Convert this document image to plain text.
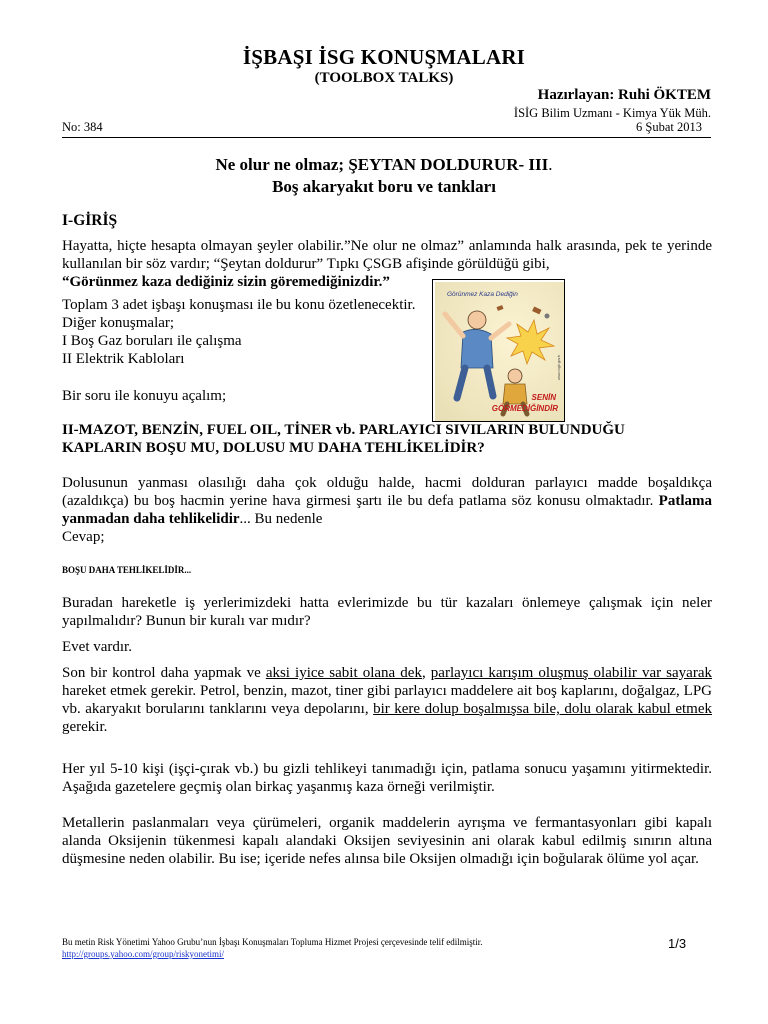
İŞBAŞI İSG KONUŞMALARI
(TOOLBOX TALKS)
Hazırlayan: Ruhi ÖKTEM
İSİG Bilim Uzmanı - Kimya Yük Müh.
No: 384	6 Şubat 2013
Ne olur ne olmaz; ŞEYTAN DOLDURUR- III.
Boş akaryakıt boru ve tankları
I-GİRİŞ
Hayatta, hiçte hesapta olmayan şeyler olabilir.”Ne olur ne olmaz” anlamında halk arasında, pek te yerinde kullanılan bir söz vardır; “Şeytan doldurur” Tıpkı ÇSGB afişinde görüldüğü gibi,
“Görünmez kaza dediğiniz sizin göremediğinizdir.”
Toplam 3 adet işbaşı konuşması ile bu konu özetlenecektir.
Diğer konuşmalar;
I Boş Gaz boruları ile çalışma
II Elektrik Kabloları
Bir soru ile konuyu açalım;
Görünmez Kaza Dediğin
SENİN
GÖRMEDİĞİNDİR
www.csgb.gov.tr
II-MAZOT, BENZİN, FUEL OIL, TİNER vb. PARLAYICI SIVILARIN BULUNDUĞU KAPLARIN BOŞU MU, DOLUSU MU DAHA TEHLİKELİDİR?
Dolusunun yanması olasılığı daha çok olduğu halde, hacmi dolduran parlayıcı madde boşaldıkça (azaldıkça) bu boş hacmin yerine hava girmesi şartı ile bu defa patlama söz konusu olmaktadır. Patlama yanmadan daha tehlikelidir... Bu nedenle
Cevap;
BOŞU DAHA TEHLİKELİDİR...
Buradan hareketle iş yerlerimizdeki hatta evlerimizde bu tür kazaları önlemeye çalışmak için neler yapılmalıdır? Bunun bir kuralı var mıdır?
Evet vardır.
Son bir kontrol daha yapmak ve aksi iyice sabit olana dek, parlayıcı karışım oluşmuş olabilir var sayarak hareket etmek gerekir. Petrol, benzin, mazot, tiner gibi parlayıcı maddelere ait boş kaplarını, doğalgaz, LPG vb. akaryakıt borularını tanklarını veya depolarını, bir kere dolup boşalmışsa bile, dolu olarak kabul etmek gerekir.
Her yıl 5-10 kişi (işçi-çırak vb.) bu gizli tehlikeyi tanımadığı için, patlama sonucu yaşamını yitirmektedir. Aşağıda gazetelere geçmiş olan birkaç yaşanmış kaza örneği verilmiştir.
Metallerin paslanmaları veya çürümeleri, organik maddelerin ayrışma ve fermantasyonları gibi kapalı alanda Oksijenin tükenmesi kapalı alandaki Oksijen seviyesinin ani olarak kabul edilmiş sınırın altına düşmesine neden olabilir. Bu ise; içeride nefes alınsa bile Oksijen olmadığı için boğularak ölüme yol açar.
Bu metin Risk Yönetimi Yahoo Grubu’nun İşbaşı Konuşmaları Topluma Hizmet Projesi çerçevesinde telif edilmiştir.
http://groups.yahoo.com/group/riskyonetimi/
1/3
